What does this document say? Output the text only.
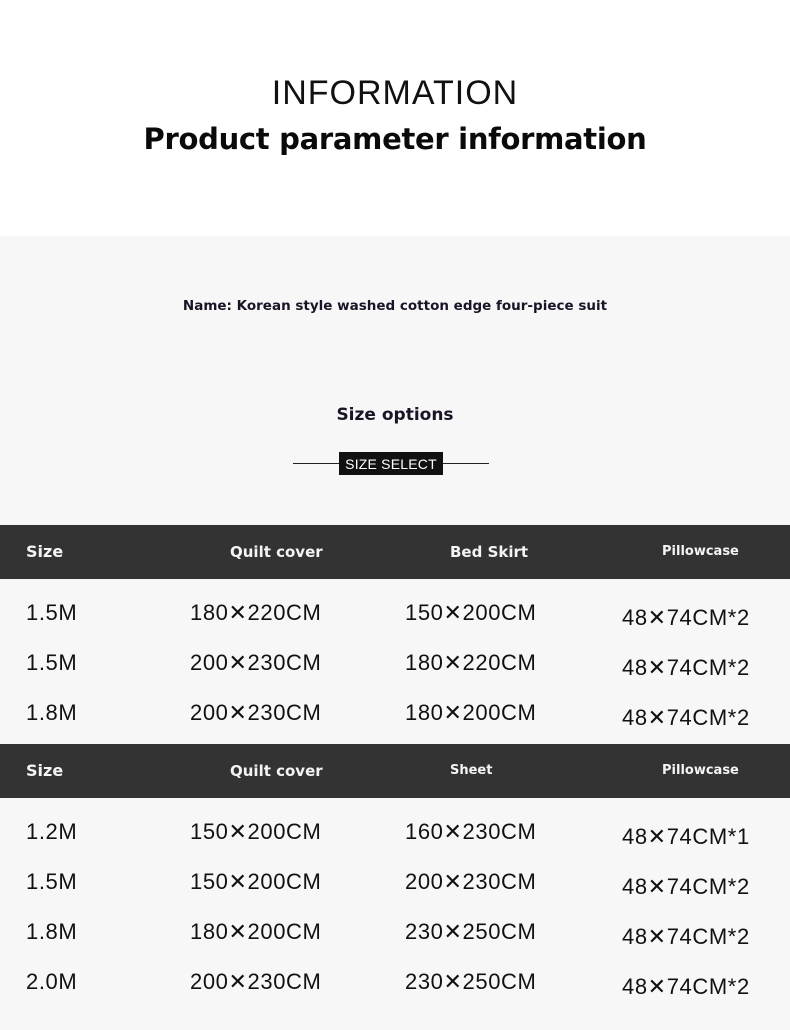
INFORMATION
Product parameter information
Name: Korean style washed cotton edge four-piece suit
Size options
SIZE SELECT
Size	Quilt cover	Bed Skirt	Pillowcase
1.5M	180✕220CM	150✕200CM	48✕74CM*2
1.5M	200✕230CM	180✕220CM	48✕74CM*2
1.8M	200✕230CM	180✕200CM	48✕74CM*2
Size	Quilt cover	Sheet	Pillowcase
1.2M	150✕200CM	160✕230CM	48✕74CM*1
1.5M	150✕200CM	200✕230CM	48✕74CM*2
1.8M	180✕200CM	230✕250CM	48✕74CM*2
2.0M	200✕230CM	230✕250CM	48✕74CM*2
